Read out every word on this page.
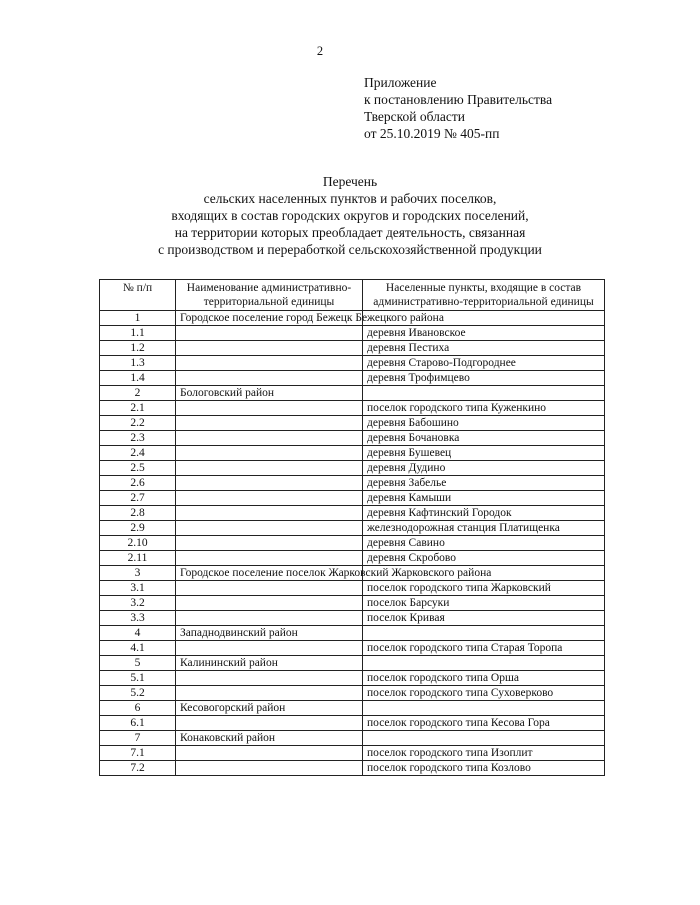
2
Приложение
к постановлению Правительства
Тверской области
от 25.10.2019 № 405-пп
Перечень
сельских населенных пунктов и рабочих поселков,
входящих в состав городских округов и городских поселений,
на территории которых преобладает деятельность, связанная
с производством и переработкой сельскохозяйственной продукции
№ п/п	Наименование административно-территориальной единицы	Населенные пункты, входящие в состав административно-территориальной единицы
1	Городское поселение город Бежецк Бежецкого района	
1.1		деревня Ивановское
1.2		деревня Пестиха
1.3		деревня Старово-Подгороднее
1.4		деревня Трофимцево
2	Бологовский район	
2.1		поселок городского типа Куженкино
2.2		деревня Бабошино
2.3		деревня Бочановка
2.4		деревня Бушевец
2.5		деревня Дудино
2.6		деревня Забелье
2.7		деревня Камыши
2.8		деревня Кафтинский Городок
2.9		железнодорожная станция Платищенка
2.10		деревня Савино
2.11		деревня Скробово
3	Городское поселение поселок Жарковский Жарковского района	
3.1		поселок городского типа Жарковский
3.2		поселок Барсуки
3.3		поселок Кривая
4	Западнодвинский район	
4.1		поселок городского типа Старая Торопа
5	Калининский район	
5.1		поселок городского типа Орша
5.2		поселок городского типа Суховерково
6	Кесовогорский район	
6.1		поселок городского типа Кесова Гора
7	Конаковский район	
7.1		поселок городского типа Изоплит
7.2		поселок городского типа Козлово
